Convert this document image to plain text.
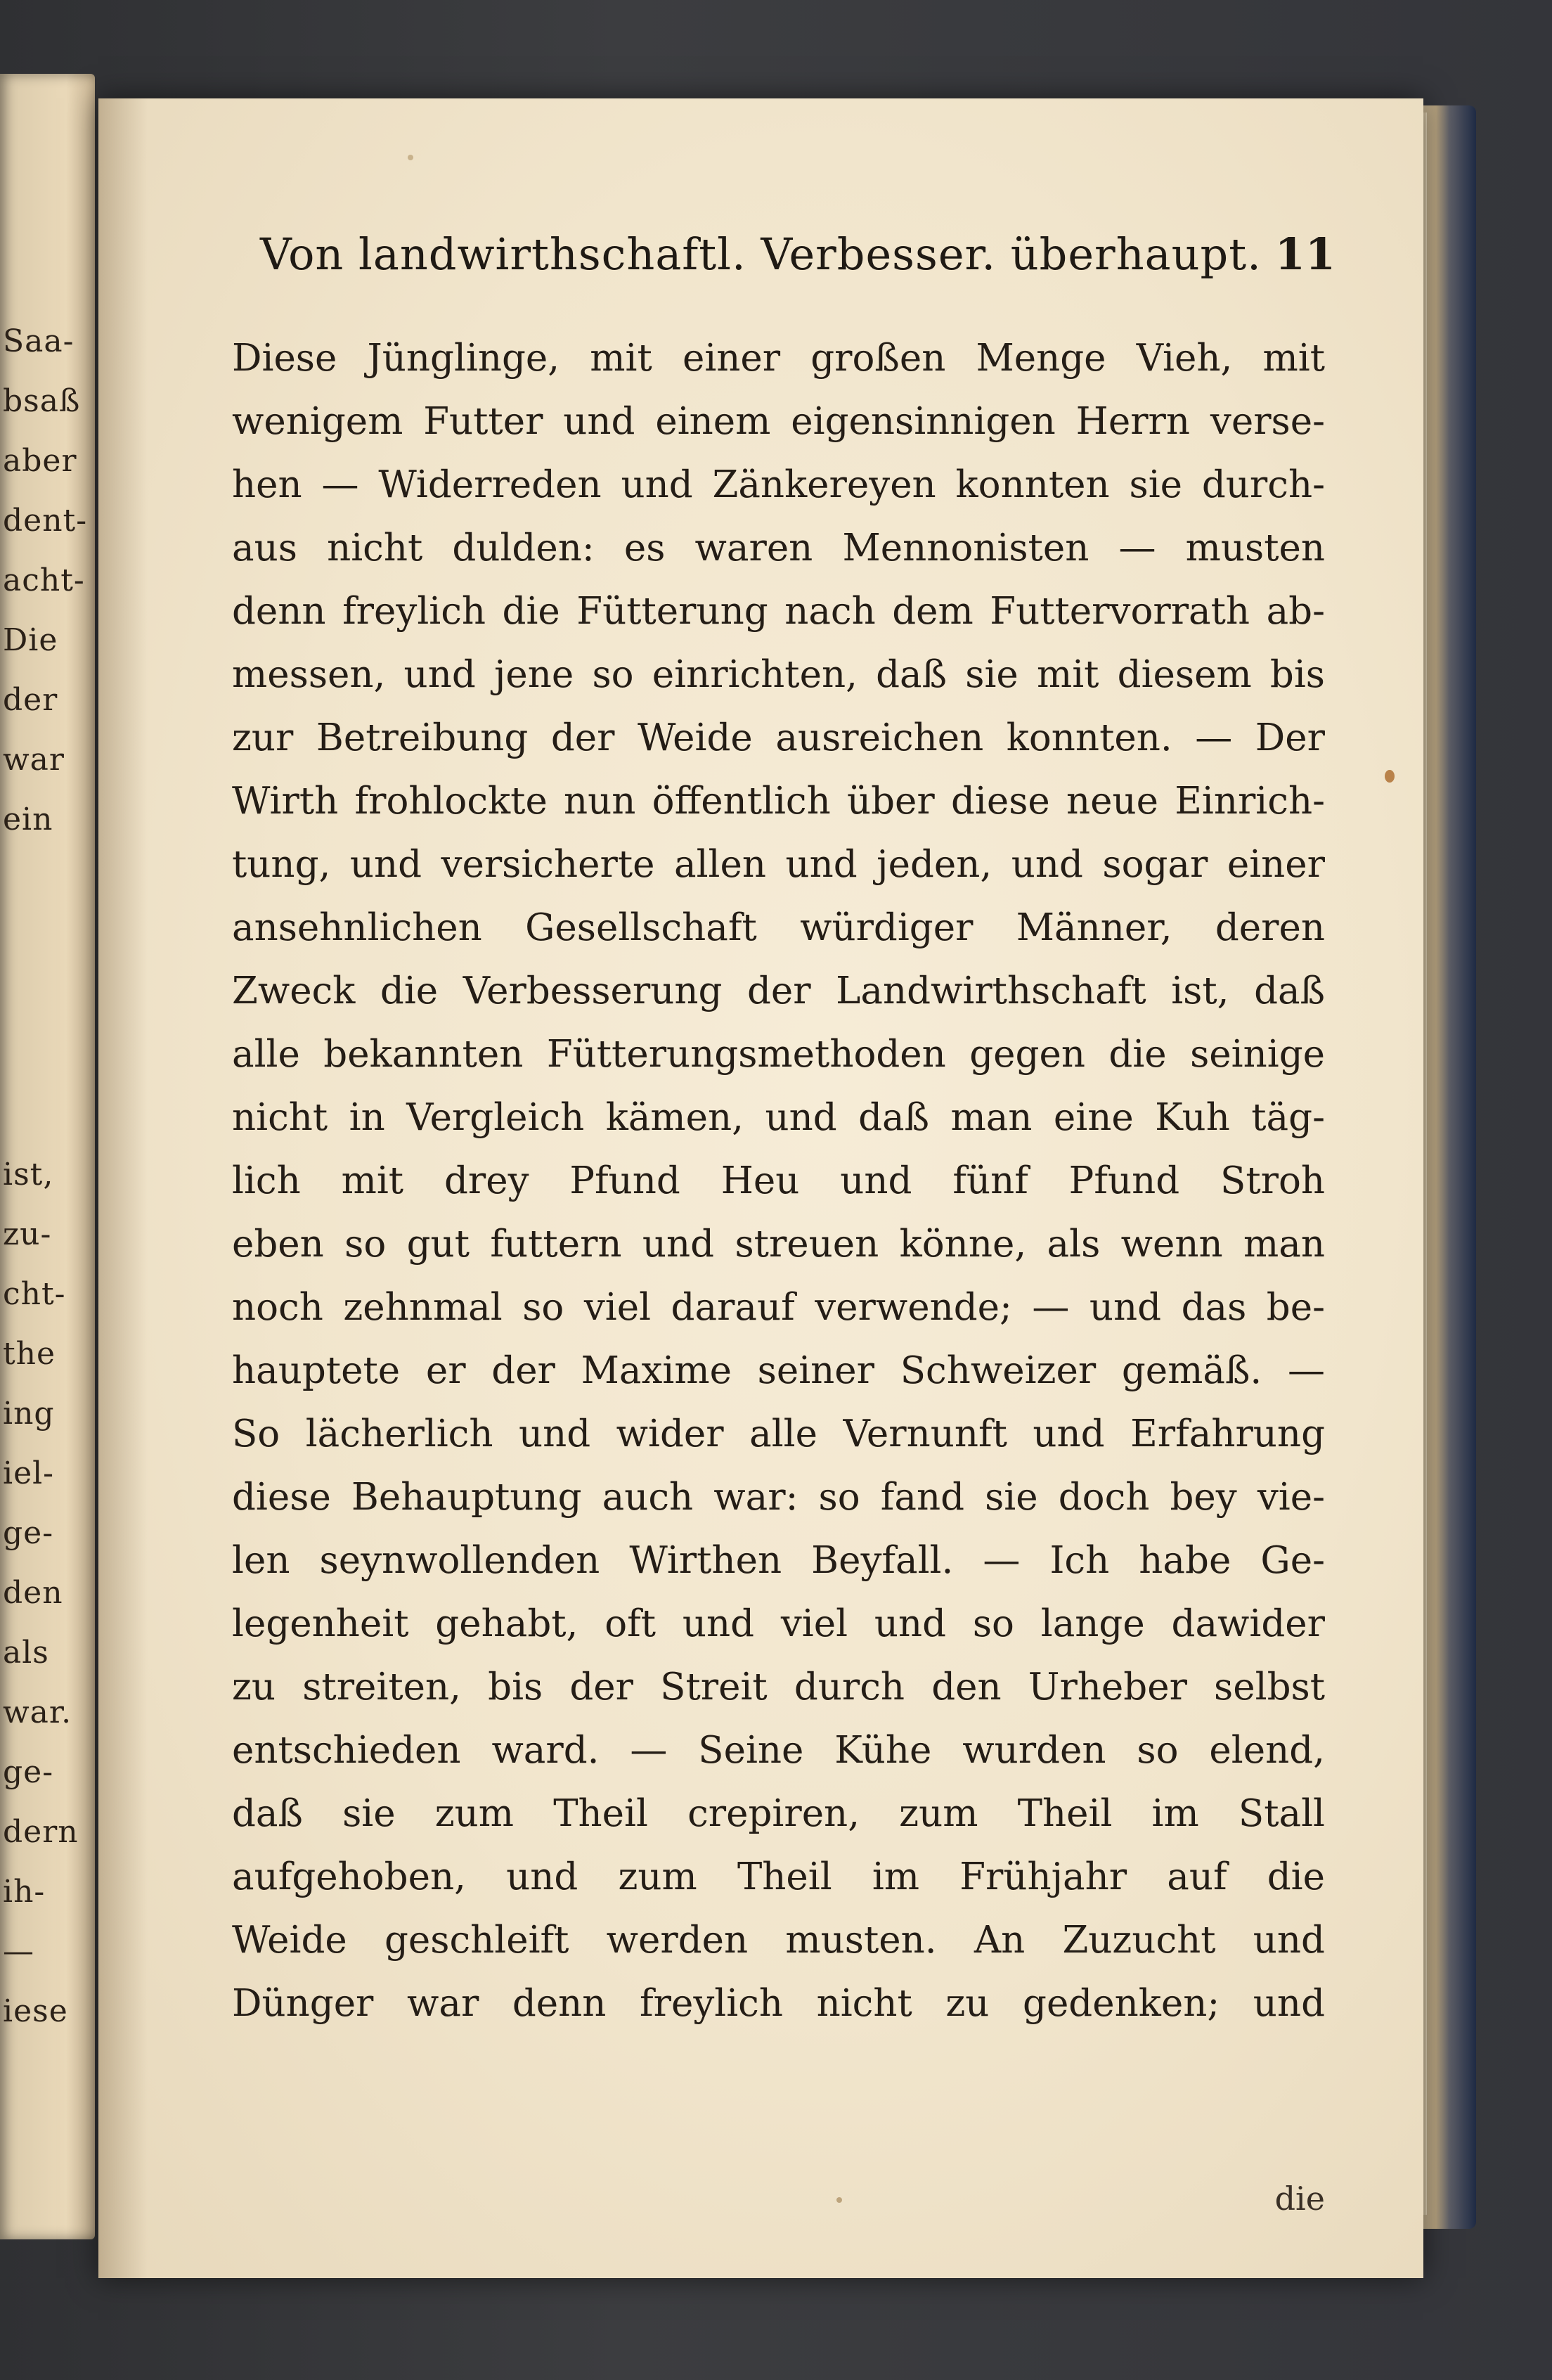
Saa-
bsaß
aber
dent-
acht-
Die
der
war
ein
ist,
zu-
cht-
the
ing
iel-
ge-
den
als
war.
ge-
dern
ih-
—
iese
Von landwirthschaftl. Verbesser. überhaupt. 11
Diese Jünglinge, mit einer großen Menge Vieh, mit
wenigem Futter und einem eigensinnigen Herrn verse-
hen — Widerreden und Zänkereyen konnten sie durch-
aus nicht dulden: es waren Mennonisten — musten
denn freylich die Fütterung nach dem Futtervorrath ab-
messen, und jene so einrichten, daß sie mit diesem bis
zur Betreibung der Weide ausreichen konnten. — Der
Wirth frohlockte nun öffentlich über diese neue Einrich-
tung, und versicherte allen und jeden, und sogar einer
ansehnlichen Gesellschaft würdiger Männer, deren
Zweck die Verbesserung der Landwirthschaft ist, daß
alle bekannten Fütterungsmethoden gegen die seinige
nicht in Vergleich kämen, und daß man eine Kuh täg-
lich mit drey Pfund Heu und fünf Pfund Stroh
eben so gut futtern und streuen könne, als wenn man
noch zehnmal so viel darauf verwende; — und das be-
hauptete er der Maxime seiner Schweizer gemäß. —
So lächerlich und wider alle Vernunft und Erfahrung
diese Behauptung auch war: so fand sie doch bey vie-
len seynwollenden Wirthen Beyfall. — Ich habe Ge-
legenheit gehabt, oft und viel und so lange dawider
zu streiten, bis der Streit durch den Urheber selbst
entschieden ward. — Seine Kühe wurden so elend,
daß sie zum Theil crepiren, zum Theil im Stall
aufgehoben, und zum Theil im Frühjahr auf die
Weide geschleift werden musten. An Zuzucht und
Dünger war denn freylich nicht zu gedenken; und
die
